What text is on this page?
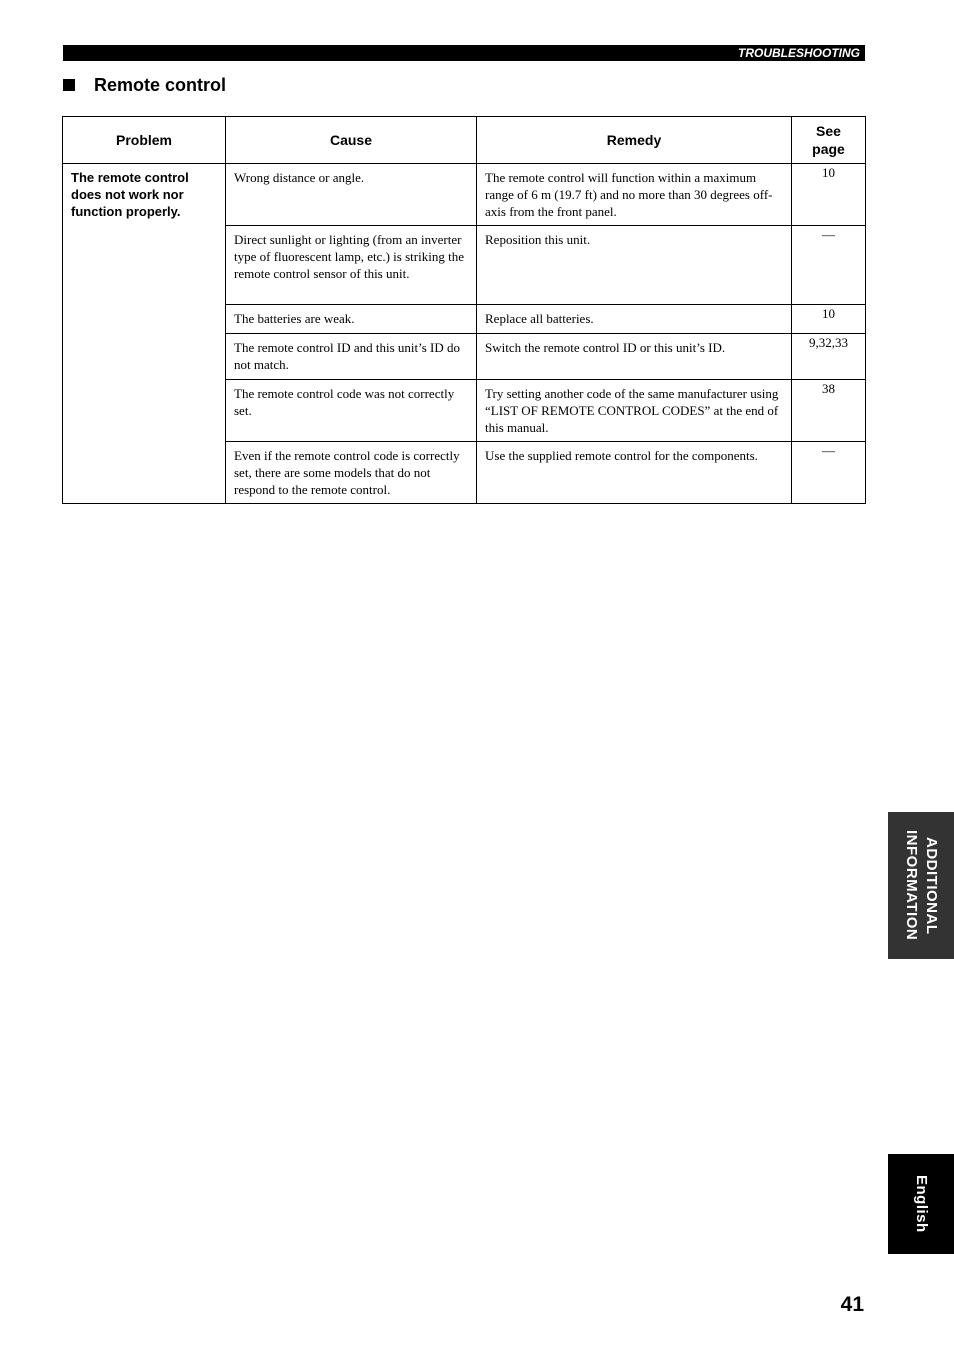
TROUBLESHOOTING
Remote control
Problem	Cause	Remedy	See
page
The remote control does not work nor function properly.	Wrong distance or angle.	The remote control will function within a maximum range of 6 m (19.7 ft) and no more than 30 degrees off-axis from the front panel.	10
	Direct sunlight or lighting (from an inverter type of fluorescent lamp, etc.) is striking the remote control sensor of this unit.	Reposition this unit.	—
	The batteries are weak.	Replace all batteries.	10
	The remote control ID and this unit’s ID do not match.	Switch the remote control ID or this unit’s ID.	9,32,33
	The remote control code was not correctly set.	Try setting another code of the same manufacturer using “LIST OF REMOTE CONTROL CODES” at the end of this manual.	38
	Even if the remote control code is correctly set, there are some models that do not respond to the remote control.	Use the supplied remote control for the components.	—
ADDITIONAL
INFORMATION
English
41
